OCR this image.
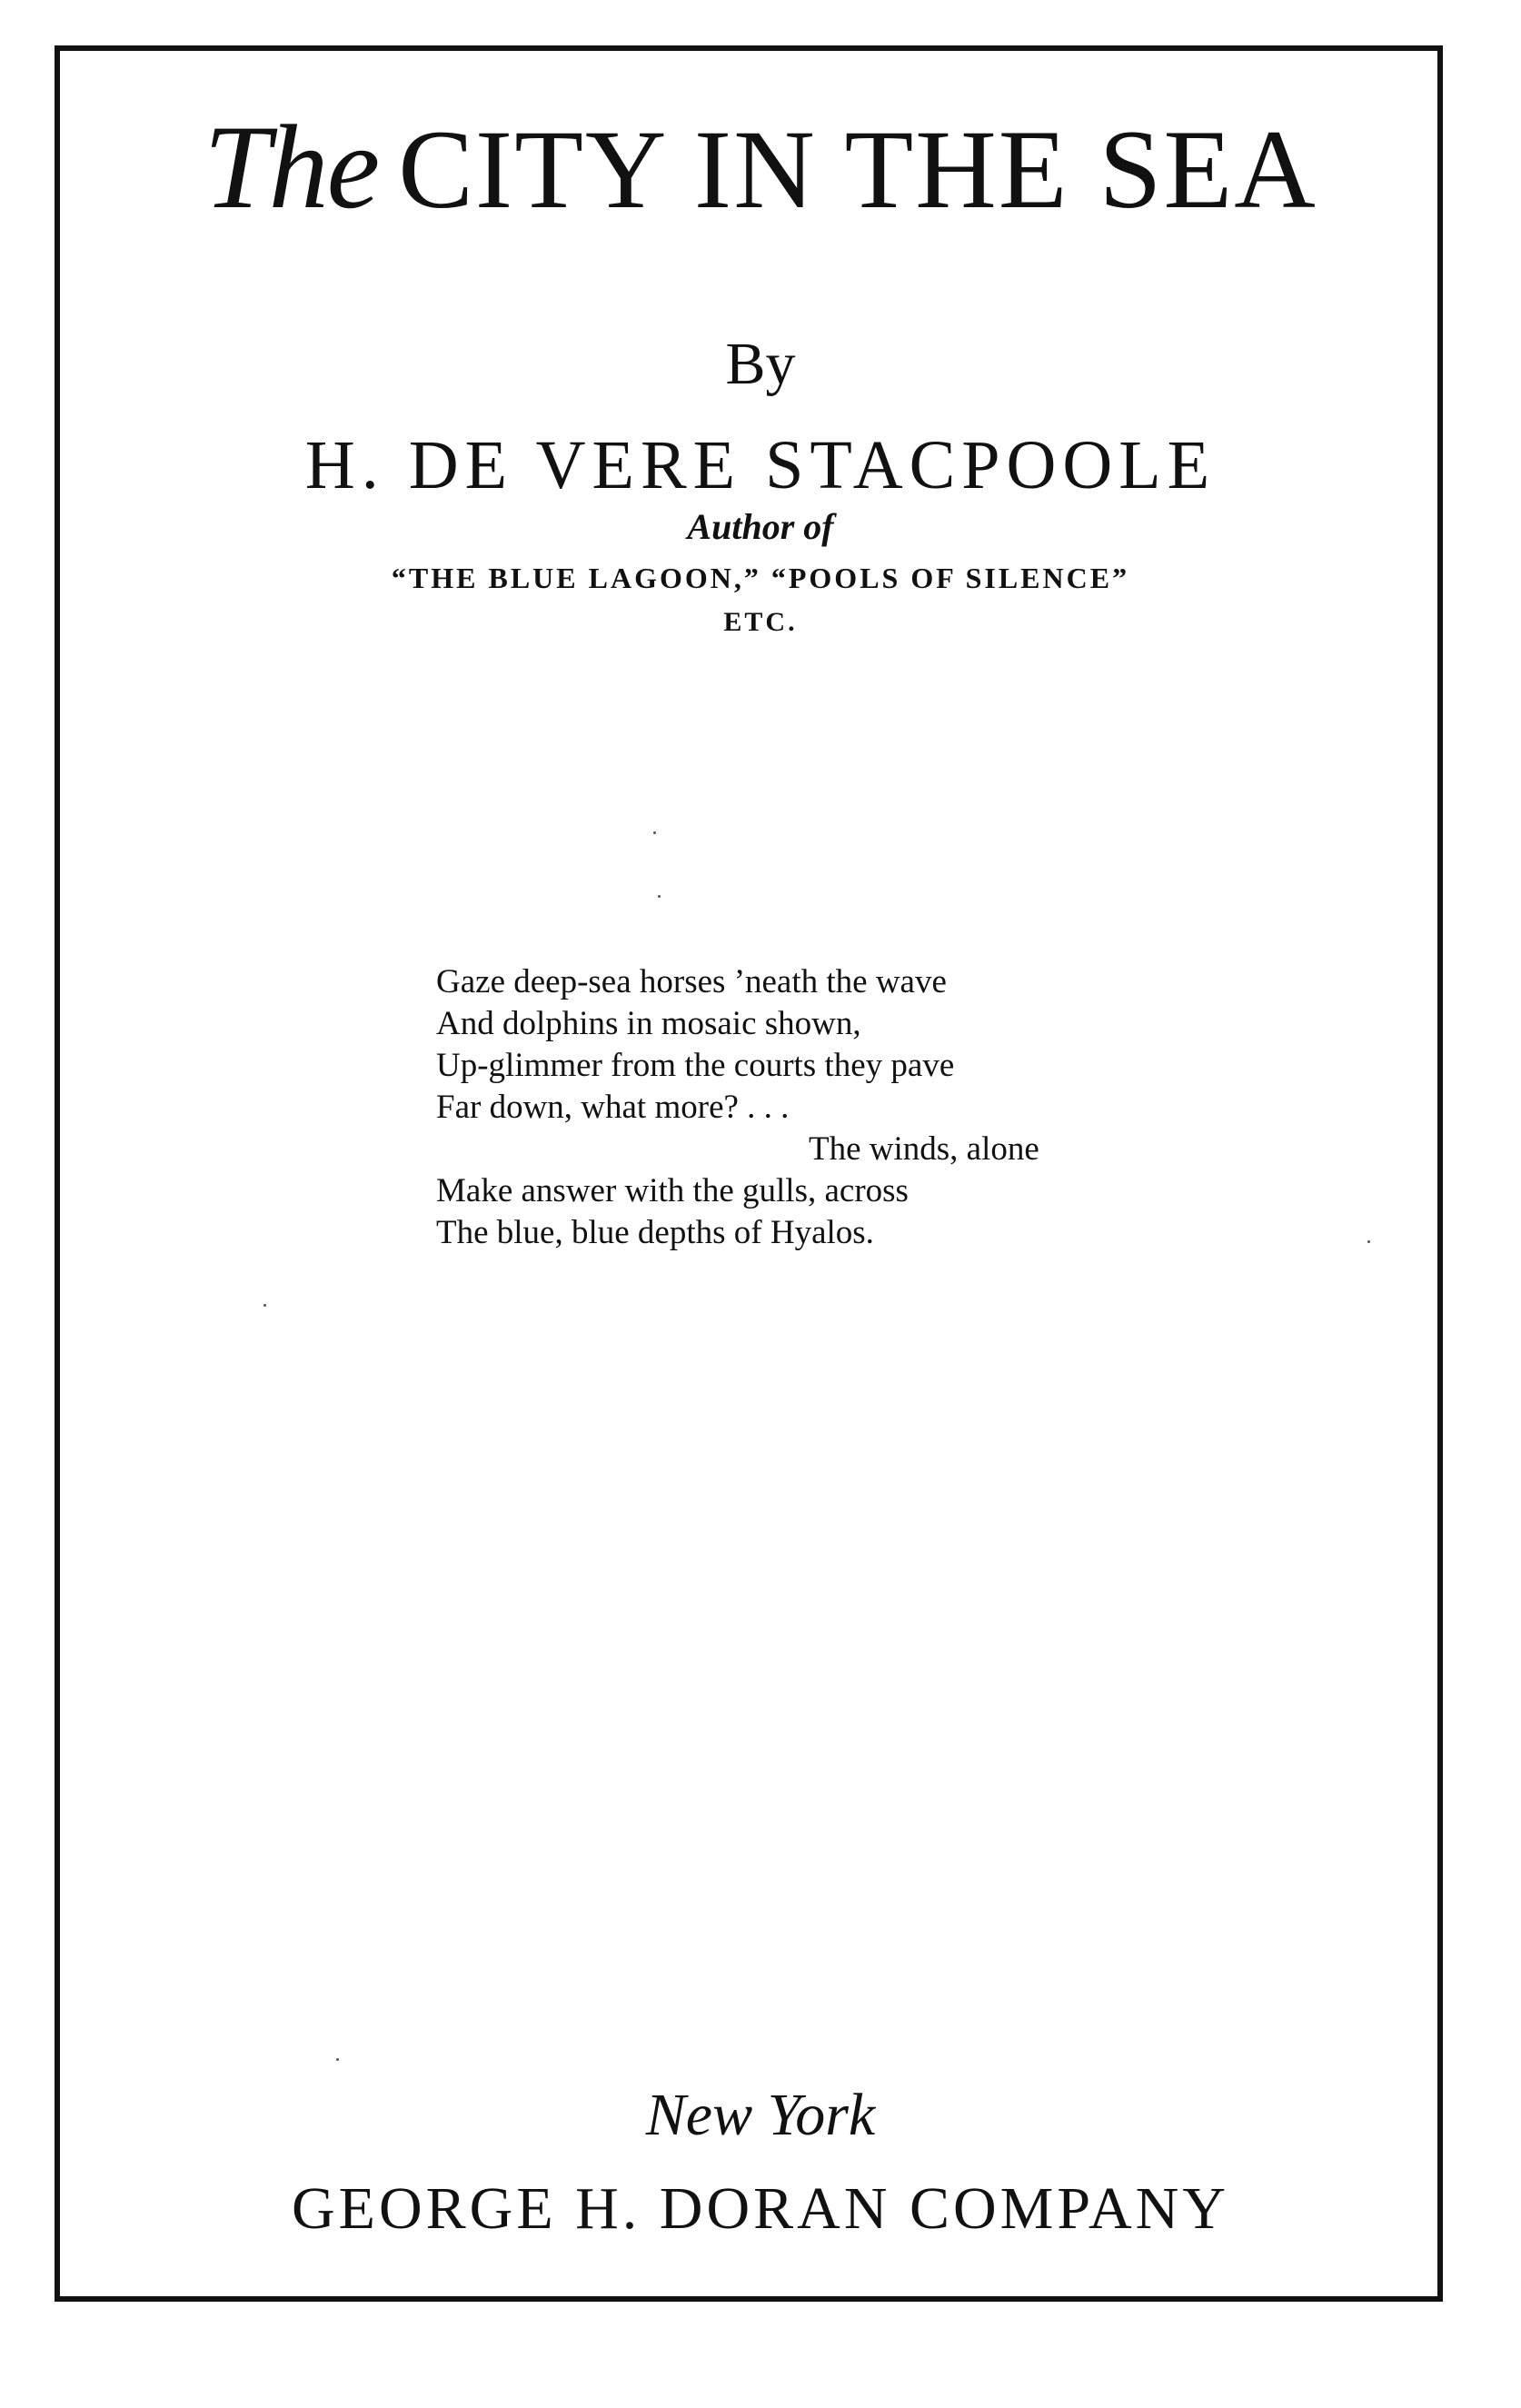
The CITY IN THE SEA
By
H. DE VERE STACPOOLE
Author of
“THE BLUE LAGOON,” “POOLS OF SILENCE”
ETC.
Gaze deep-sea horses ’neath the wave
And dolphins in mosaic shown,
Up-glimmer from the courts they pave
Far down, what more? . . .
The winds, alone
Make answer with the gulls, across
The blue, blue depths of Hyalos.
New York
GEORGE H. DORAN COMPANY
